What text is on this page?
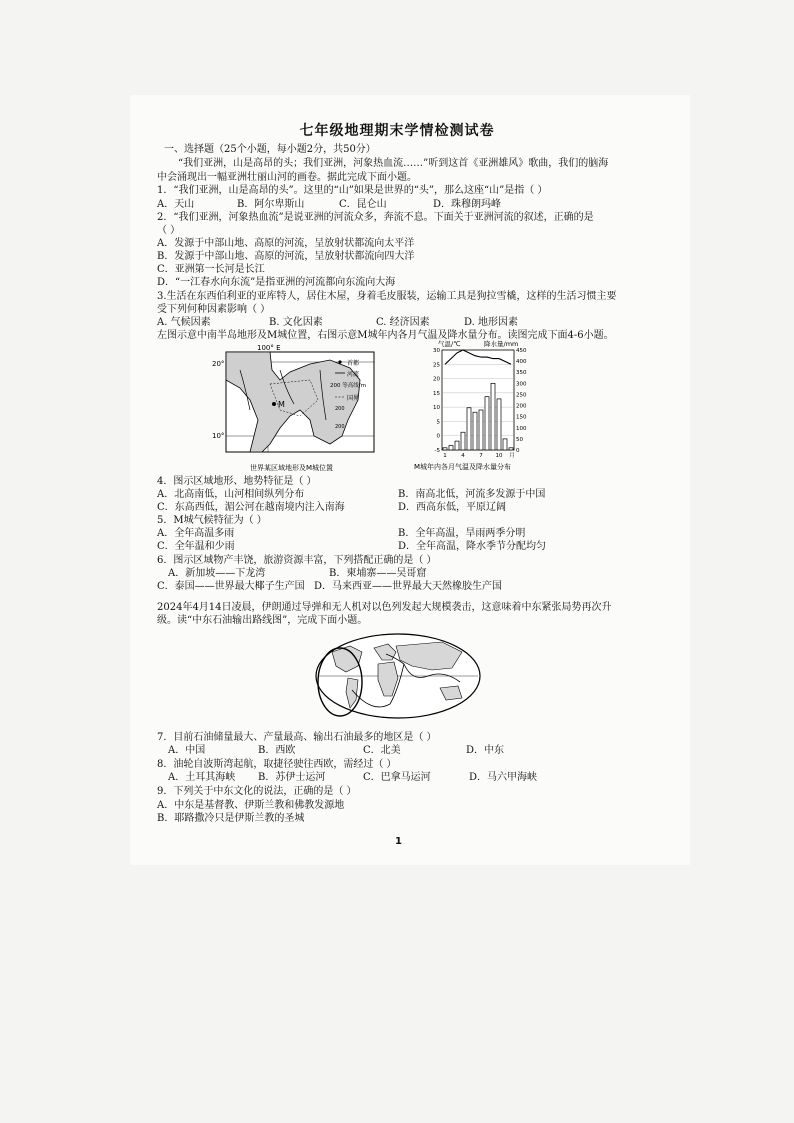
七年级地理期末学情检测试卷
一、选择题（25个小题，每小题2分，共50分）
“我们亚洲，山是高昂的头；我们亚洲，河象热血流……”听到这首《亚洲雄风》歌曲，我们的脑海
中会涌现出一幅亚洲壮丽山河的画卷。据此完成下面小题。
1．“我们亚洲，山是高昂的头”。这里的“山”如果是世界的“头”，那么这座“山”是指（ ）
A．天山	B．阿尔卑斯山	C．昆仑山	D．珠穆朗玛峰
2．“我们亚洲，河象热血流”是说亚洲的河流众多，奔流不息。下面关于亚洲河流的叙述，正确的是
（ ）
A．发源于中部山地、高原的河流，呈放射状都流向太平洋
B．发源于中部山地、高原的河流，呈放射状都流向四大洋
C．亚洲第一长河是长江
D．“一江春水向东流”是指亚洲的河流都向东流向大海
3.生活在东西伯利亚的亚库特人，居住木屋，身着毛皮服装，运输工具是狗拉雪橇，这样的生活习惯主要
受下列何种因素影响（ ）
A. 气候因素	B. 文化因素	C. 经济因素	D. 地形因素
左图示意中南半岛地形及M城位置，右图示意M城年内各月气温及降水量分布。读图完成下面4-6小题。
100° E
20°
10°
M	200
200
首都
河流
200 等高线/m
国界
世界某区域地形及M城位置
气温/℃	降水量/mm
30
25
20
15
10
5
0
-5
450
400
350
300
250
200
150
100
50
0
1	4	7 10 月
M城年内各月气温及降水量分布
4．图示区域地形、地势特征是（ ）
A．北高南低，山河相间纵列分布	B．南高北低，河流多发源于中国
C．东高西低，湄公河在越南境内注入南海	D．西高东低，平原辽阔
5．M城气候特征为（ ）
A．全年高温多雨	B．全年高温，旱雨两季分明
C．全年温和少雨	D．全年高温，降水季节分配均匀
6．图示区域物产丰饶，旅游资源丰富，下列搭配正确的是（ ）
A．新加坡——下龙湾	B．柬埔寨——吴哥窟
C．泰国——世界最大椰子生产国 D．马来西亚——世界最大天然橡胶生产国
2024年4月14日凌晨，伊朗通过导弹和无人机对以色列发起大规模袭击，这意味着中东紧张局势再次升
级。读“中东石油输出路线图”，完成下面小题。
7．目前石油储量最大、产量最高、输出石油最多的地区是（ ）
A．中国	B．西欧	C．北美	D．中东
8．油轮自波斯湾起航，取捷径驶往西欧，需经过（ ）
A．土耳其海峡 B．苏伊士运河	C．巴拿马运河	D．马六甲海峡
9．下列关于中东文化的说法，正确的是（ ）
A．中东是基督教、伊斯兰教和佛教发源地
B．耶路撒冷只是伊斯兰教的圣城
1
